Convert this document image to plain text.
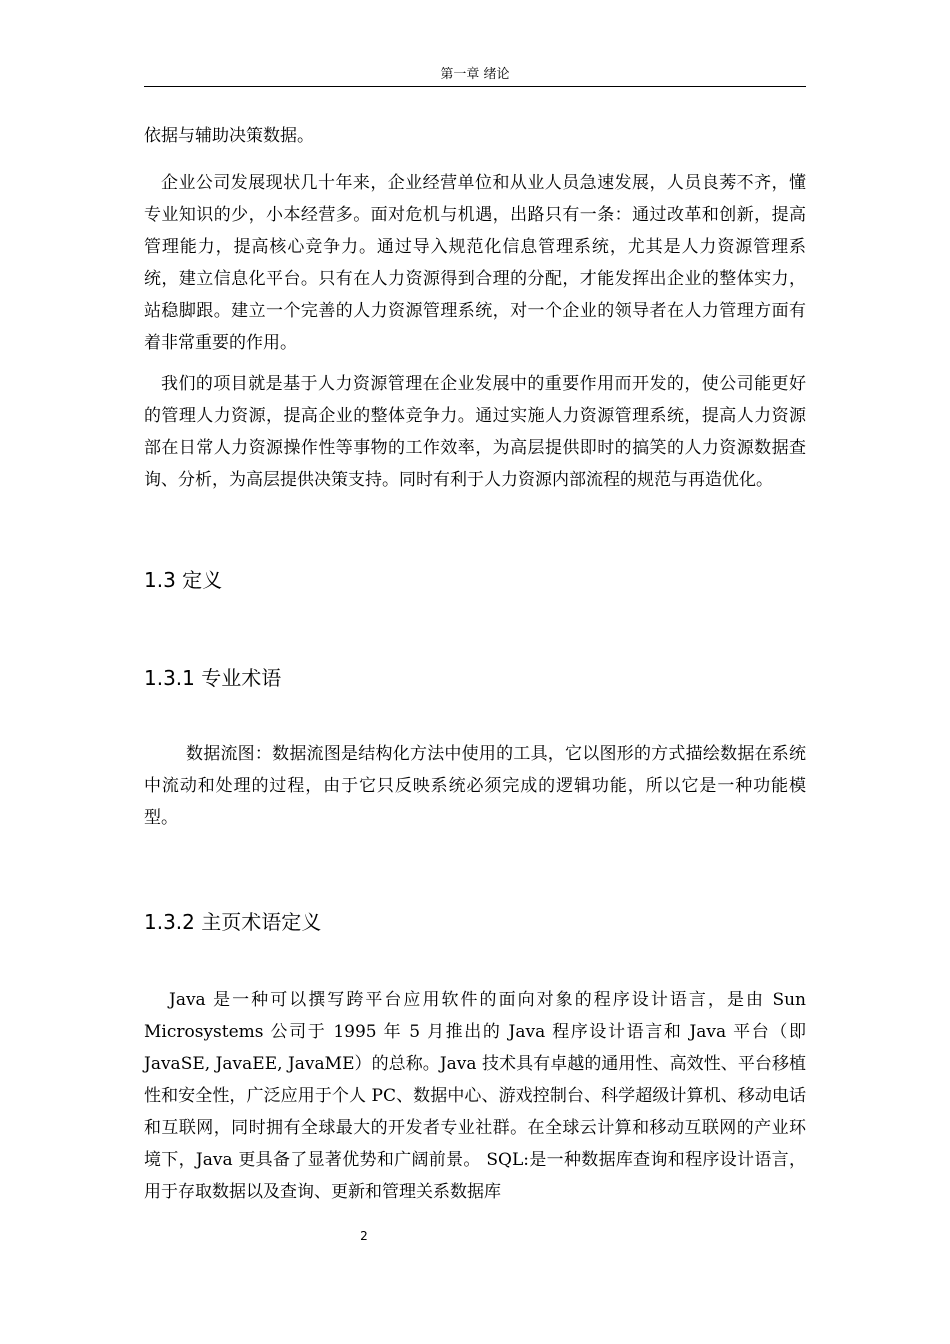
第一章 绪论

依据与辅助决策数据。

企业公司发展现状几十年来，企业经营单位和从业人员急速发展，人员良莠不齐，懂专业知识的少，小本经营多。面对危机与机遇，出路只有一条：通过改革和创新，提高管理能力，提高核心竞争力。通过导入规范化信息管理系统，尤其是人力资源管理系统，建立信息化平台。只有在人力资源得到合理的分配，才能发挥出企业的整体实力，站稳脚跟。建立一个完善的人力资源管理系统，对一个企业的领导者在人力管理方面有着非常重要的作用。

我们的项目就是基于人力资源管理在企业发展中的重要作用而开发的，使公司能更好的管理人力资源，提高企业的整体竞争力。通过实施人力资源管理系统，提高人力资源部在日常人力资源操作性等事物的工作效率，为高层提供即时的搞笑的人力资源数据查询、分析，为高层提供决策支持。同时有利于人力资源内部流程的规范与再造优化。

1.3 定义
1.3.1 专业术语

数据流图：数据流图是结构化方法中使用的工具，它以图形的方式描绘数据在系统中流动和处理的过程，由于它只反映系统必须完成的逻辑功能，所以它是一种功能模型。

1.3.2 主页术语定义

Java 是一种可以撰写跨平台应用软件的面向对象的程序设计语言，是由 Sun Microsystems 公司于 1995 年 5 月推出的 Java 程序设计语言和 Java 平台（即 JavaSE, JavaEE, JavaME）的总称。Java 技术具有卓越的通用性、高效性、平台移植性和安全性，广泛应用于个人 PC、数据中心、游戏控制台、科学超级计算机、移动电话和互联网，同时拥有全球最大的开发者专业社群。在全球云计算和移动互联网的产业环境下，Java 更具备了显著优势和广阔前景。 SQL:是一种数据库查询和程序设计语言，用于存取数据以及查询、更新和管理关系数据库

2
